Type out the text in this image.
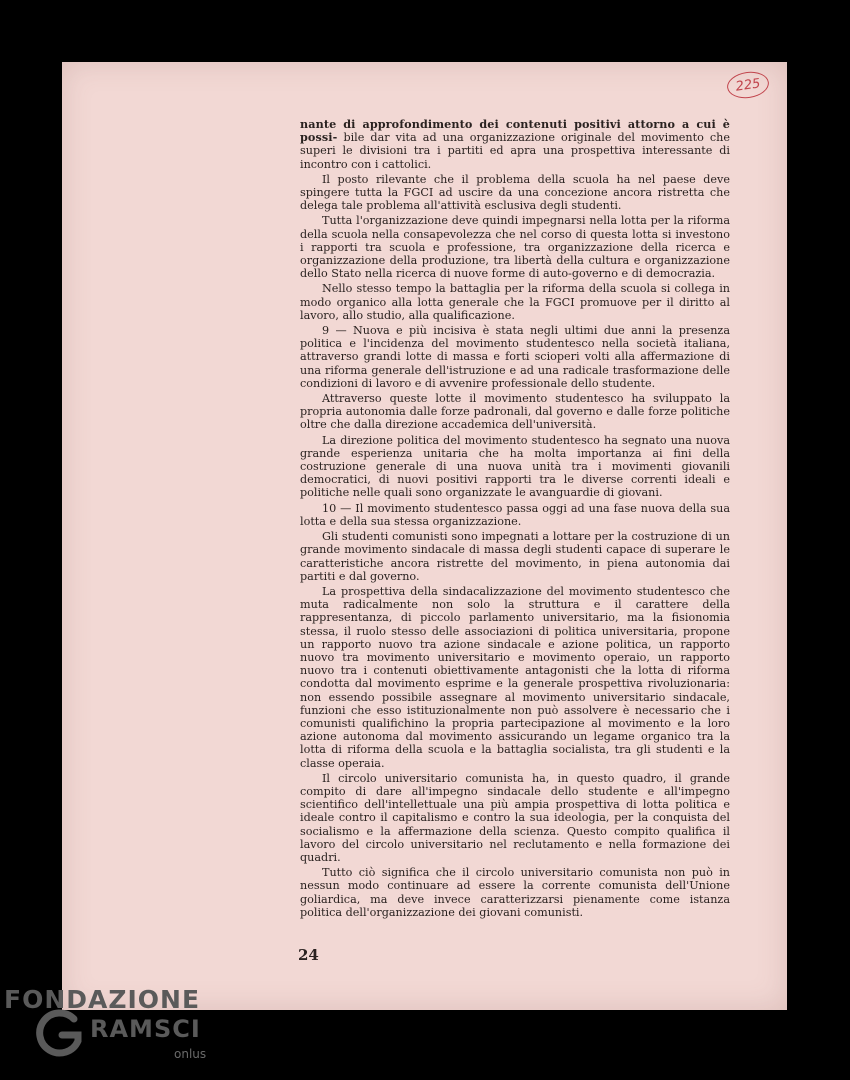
225

nante di approfondimento dei contenuti positivi attorno a cui è possi- bile dar vita ad una organizzazione originale del movimento che superi le divisioni tra i partiti ed apra una prospettiva interessante di incontro con i cattolici.

Il posto rilevante che il problema della scuola ha nel paese deve spingere tutta la FGCI ad uscire da una concezione ancora ristretta che delega tale problema all'attività esclusiva degli studenti.

Tutta l'organizzazione deve quindi impegnarsi nella lotta per la riforma della scuola nella consapevolezza che nel corso di questa lotta si investono i rapporti tra scuola e professione, tra organizzazione della ricerca e organizzazione della produzione, tra libertà della cultura e organizzazione dello Stato nella ricerca di nuove forme di auto-governo e di democrazia.

Nello stesso tempo la battaglia per la riforma della scuola si collega in modo organico alla lotta generale che la FGCI promuove per il diritto al lavoro, allo studio, alla qualificazione.

9 — Nuova e più incisiva è stata negli ultimi due anni la presenza politica e l'incidenza del movimento studentesco nella società italiana, attraverso grandi lotte di massa e forti scioperi volti alla affermazione di una riforma generale dell'istruzione e ad una radicale trasformazione delle condizioni di lavoro e di avvenire professionale dello studente.

Attraverso queste lotte il movimento studentesco ha sviluppato la propria autonomia dalle forze padronali, dal governo e dalle forze politiche oltre che dalla direzione accademica dell'università.

La direzione politica del movimento studentesco ha segnato una nuova grande esperienza unitaria che ha molta importanza ai fini della costruzione generale di una nuova unità tra i movimenti giovanili democratici, di nuovi positivi rapporti tra le diverse correnti ideali e politiche nelle quali sono organizzate le avanguardie di giovani.

10 — Il movimento studentesco passa oggi ad una fase nuova della sua lotta e della sua stessa organizzazione.

Gli studenti comunisti sono impegnati a lottare per la costruzione di un grande movimento sindacale di massa degli studenti capace di superare le caratteristiche ancora ristrette del movimento, in piena autonomia dai partiti e dal governo.

La prospettiva della sindacalizzazione del movimento studentesco che muta radicalmente non solo la struttura e il carattere della rappresentanza, di piccolo parlamento universitario, ma la fisionomia stessa, il ruolo stesso delle associazioni di politica universitaria, propone un rapporto nuovo tra azione sindacale e azione politica, un rapporto nuovo tra movimento universitario e movimento operaio, un rapporto nuovo tra i contenuti obiettivamente antagonisti che la lotta di riforma condotta dal movimento esprime e la generale prospettiva rivoluzionaria: non essendo possibile assegnare al movimento universitario sindacale, funzioni che esso istituzionalmente non può assolvere è necessario che i comunisti qualifichino la propria partecipazione al movimento e la loro azione autonoma dal movimento assicurando un legame organico tra la lotta di riforma della scuola e la battaglia socialista, tra gli studenti e la classe operaia.

Il circolo universitario comunista ha, in questo quadro, il grande compito di dare all'impegno sindacale dello studente e all'impegno scientifico dell'intellettuale una più ampia prospettiva di lotta politica e ideale contro il capitalismo e contro la sua ideologia, per la conquista del socialismo e la affermazione della scienza. Questo compito qualifica il lavoro del circolo universitario nel reclutamento e nella formazione dei quadri.

Tutto ciò significa che il circolo universitario comunista non può in nessun modo continuare ad essere la corrente comunista dell'Unione goliardica, ma deve invece caratterizzarsi pienamente come istanza politica dell'organizzazione dei giovani comunisti.

24
FONDAZIONE
RAMSCI
onlus
